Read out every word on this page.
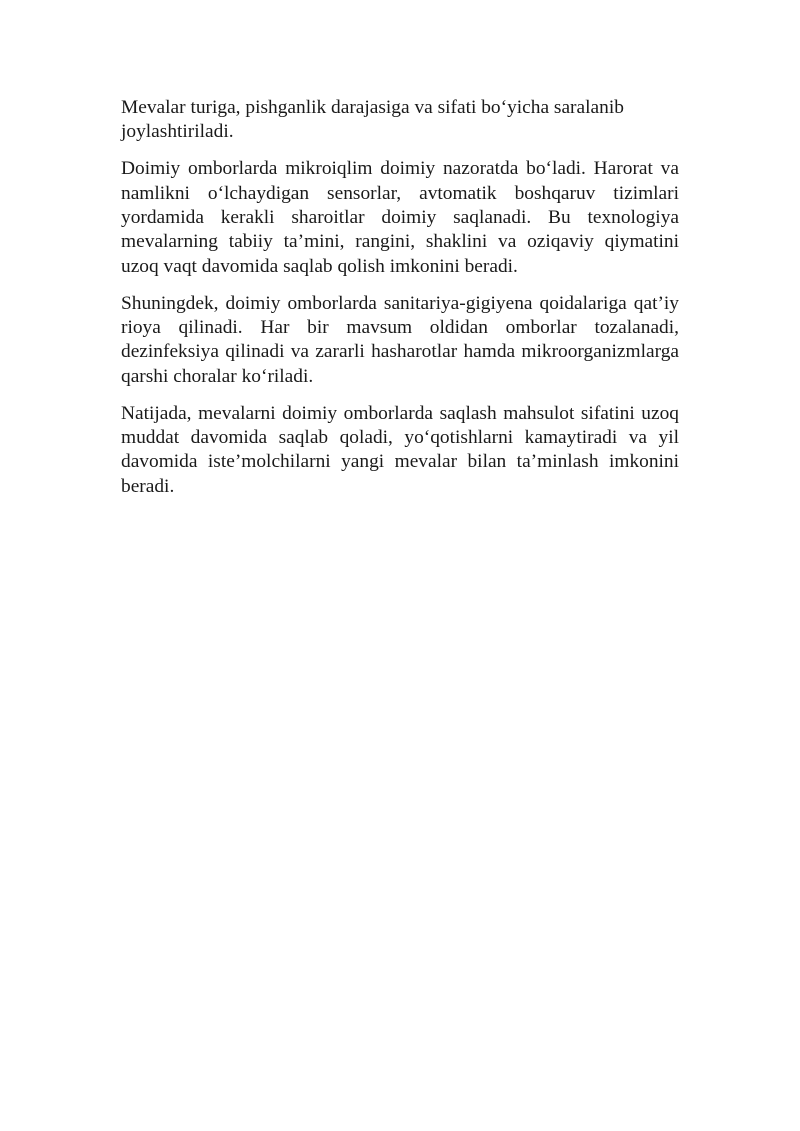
Mevalar turiga, pishganlik darajasiga va sifati bo‘yicha saralanib joylashtiriladi.

Doimiy omborlarda mikroiqlim doimiy nazoratda bo‘ladi. Harorat va namlikni o‘lchaydigan sensorlar, avtomatik boshqaruv tizimlari yordamida kerakli sharoitlar doimiy saqlanadi. Bu texnologiya mevalarning tabiiy ta’mini, rangini, shaklini va oziqaviy qiymatini uzoq vaqt davomida saqlab qolish imkonini beradi.

Shuningdek, doimiy omborlarda sanitariya-gigiyena qoidalariga qat’iy rioya qilinadi. Har bir mavsum oldidan omborlar tozalanadi, dezinfeksiya qilinadi va zararli hasharotlar hamda mikroorganizmlarga qarshi choralar ko‘riladi.

Natijada, mevalarni doimiy omborlarda saqlash mahsulot sifatini uzoq muddat davomida saqlab qoladi, yo‘qotishlarni kamaytiradi va yil davomida iste’molchilarni yangi mevalar bilan ta’minlash imkonini beradi.
